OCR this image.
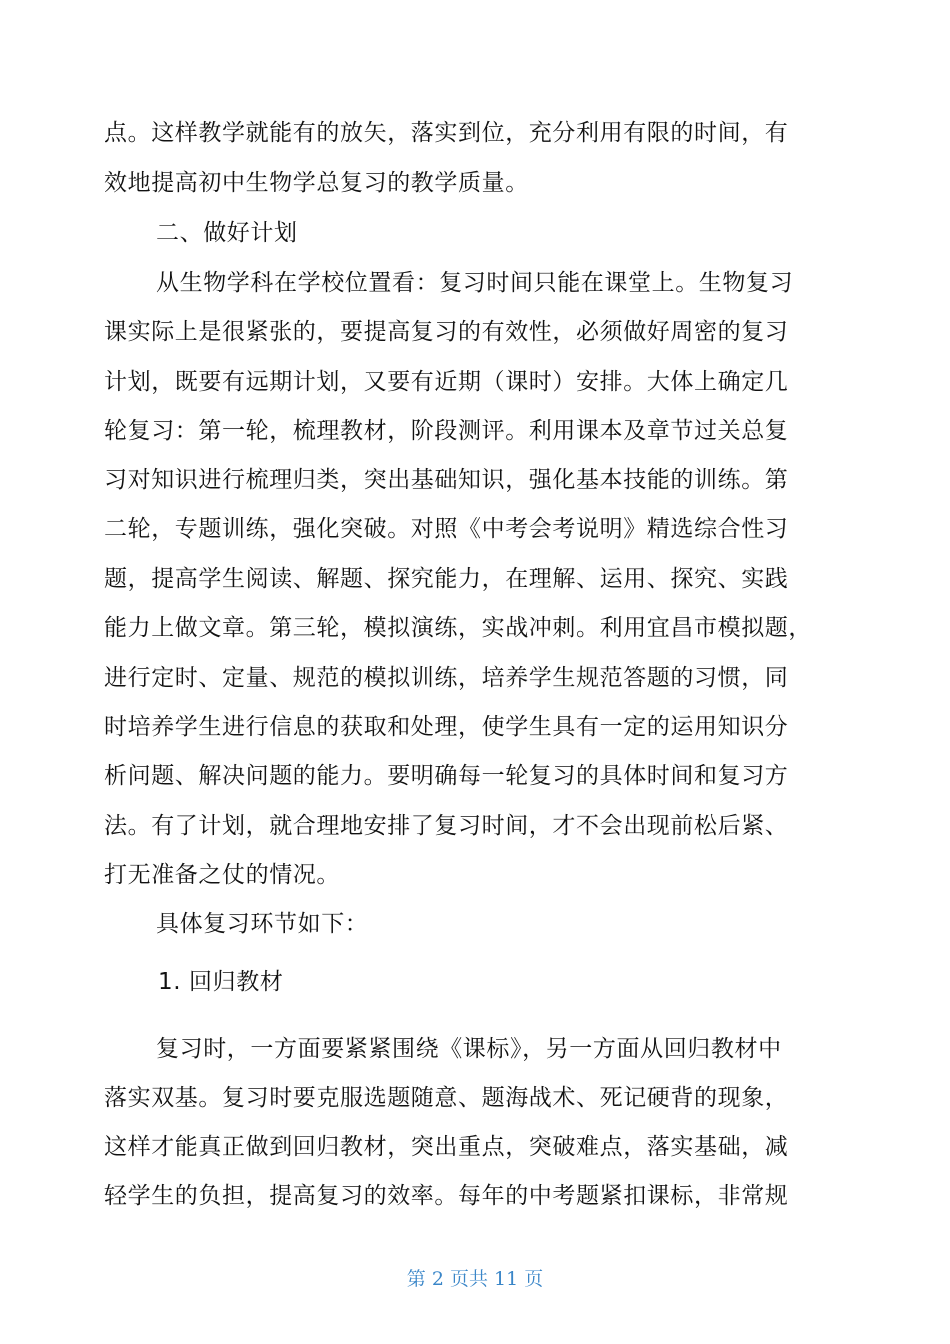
点。这样教学就能有的放矢，落实到位，充分利用有限的时间，有
效地提高初中生物学总复习的教学质量。
二、做好计划
从生物学科在学校位置看：复习时间只能在课堂上。生物复习
课实际上是很紧张的，要提高复习的有效性，必须做好周密的复习
计划，既要有远期计划，又要有近期（课时）安排。大体上确定几
轮复习：第一轮，梳理教材，阶段测评。利用课本及章节过关总复
习对知识进行梳理归类，突出基础知识，强化基本技能的训练。第
二轮，专题训练，强化突破。对照《中考会考说明》精选综合性习
题，提高学生阅读、解题、探究能力，在理解、运用、探究、实践
能力上做文章。第三轮，模拟演练，实战冲刺。利用宜昌市模拟题，
进行定时、定量、规范的模拟训练，培养学生规范答题的习惯，同
时培养学生进行信息的获取和处理，使学生具有一定的运用知识分
析问题、解决问题的能力。要明确每一轮复习的具体时间和复习方
法。有了计划，就合理地安排了复习时间，才不会出现前松后紧、
打无准备之仗的情况。
具体复习环节如下：
1. 回归教材
复习时，一方面要紧紧围绕《课标》，另一方面从回归教材中
落实双基。复习时要克服选题随意、题海战术、死记硬背的现象，
这样才能真正做到回归教材，突出重点，突破难点，落实基础，减
轻学生的负担，提高复习的效率。每年的中考题紧扣课标，非常规
第 2 页共 11 页
